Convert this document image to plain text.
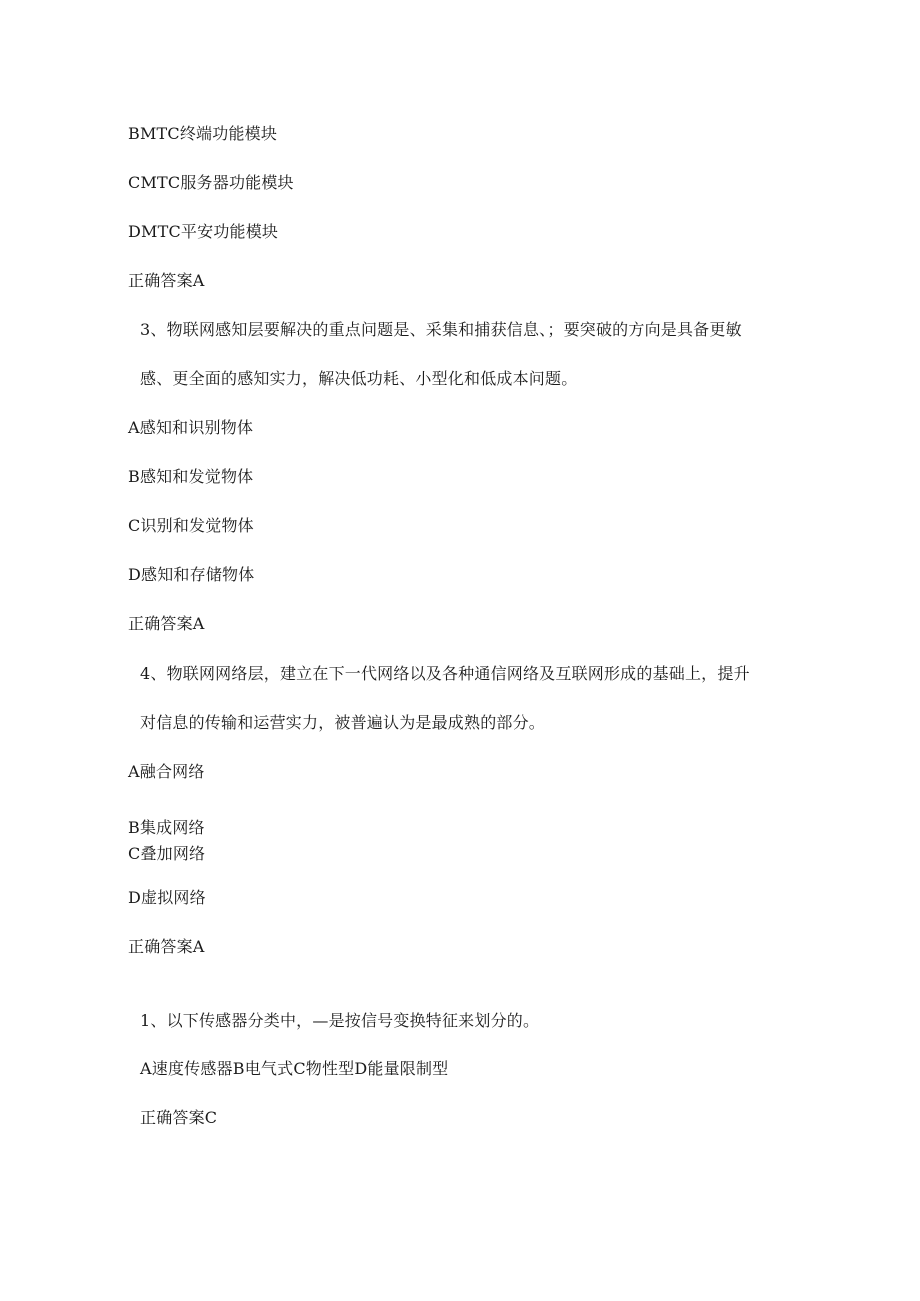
BMTC终端功能模块
CMTC服务器功能模块
DMTC平安功能模块
正确答案A
3、物联网感知层要解决的重点问题是、采集和捕获信息、；要突破的方向是具备更敏
感、更全面的感知实力，解决低功耗、小型化和低成本问题。
A感知和识别物体
B感知和发觉物体
C识别和发觉物体
D感知和存储物体
正确答案A
4、物联网网络层，建立在下一代网络以及各种通信网络及互联网形成的基础上，提升
对信息的传输和运营实力，被普遍认为是最成熟的部分。
A融合网络
B集成网络
C叠加网络
D虚拟网络
正确答案A
1、以下传感器分类中，—是按信号变换特征来划分的。
A速度传感器B电气式C物性型D能量限制型
正确答案C
